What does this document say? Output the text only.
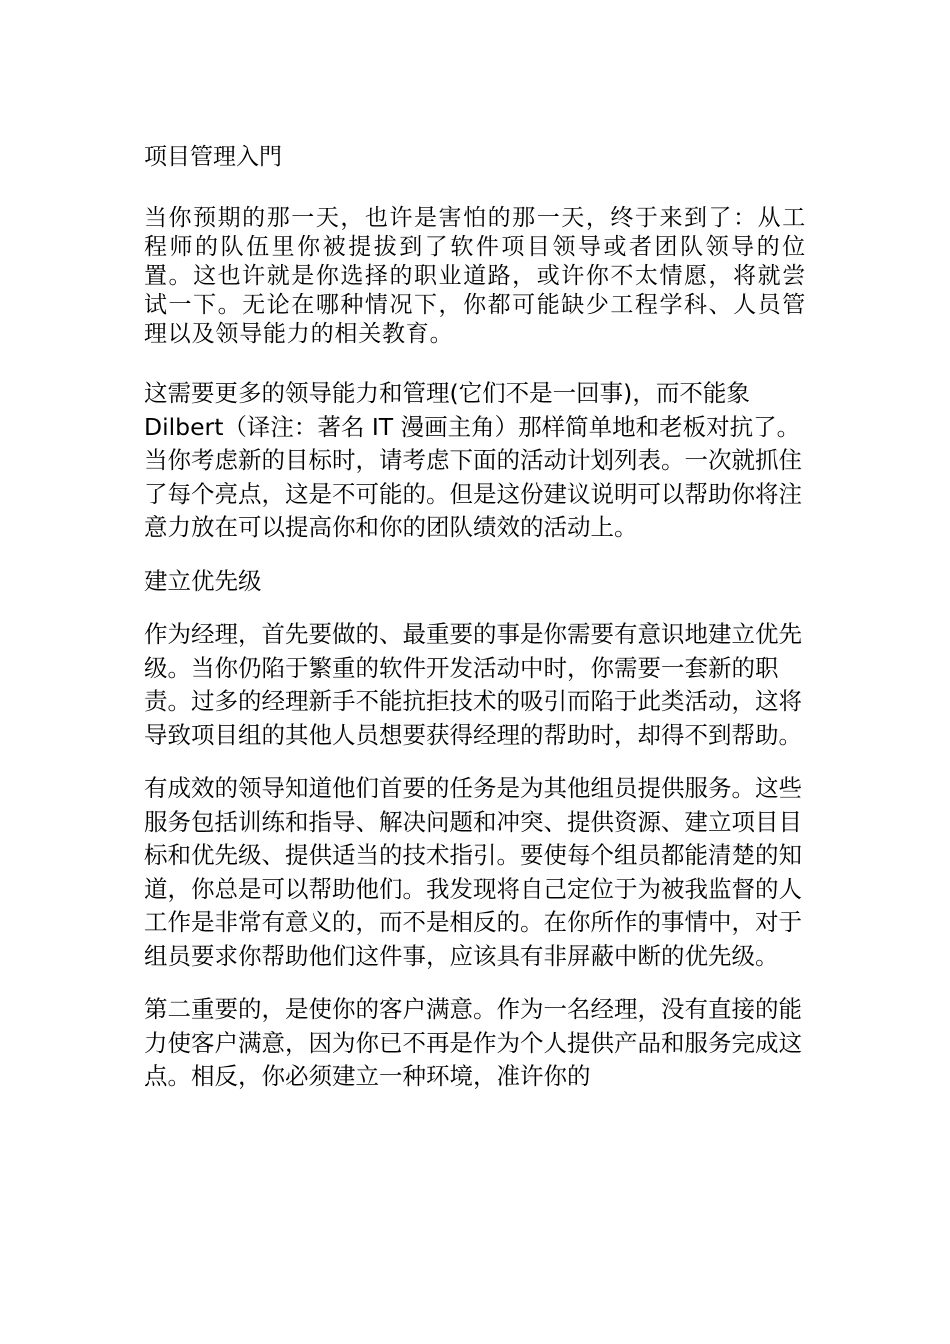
项目管理入門

当你预期的那一天，也许是害怕的那一天，终于来到了：从工程师的队伍里你被提拔到了软件项目领导或者团队领导的位置。这也许就是你选择的职业道路，或许你不太情愿，将就尝试一下。无论在哪种情况下，你都可能缺少工程学科、人员管理以及领导能力的相关教育。

这需要更多的领导能力和管理(它们不是一回事)，而不能象 Dilbert（译注：著名 IT 漫画主角）那样简单地和老板对抗了。当你考虑新的目标时，请考虑下面的活动计划列表。一次就抓住了每个亮点，这是不可能的。但是这份建议说明可以帮助你将注意力放在可以提高你和你的团队绩效的活动上。

建立优先级

作为经理，首先要做的、最重要的事是你需要有意识地建立优先级。当你仍陷于繁重的软件开发活动中时，你需要一套新的职责。过多的经理新手不能抗拒技术的吸引而陷于此类活动，这将导致项目组的其他人员想要获得经理的帮助时，却得不到帮助。

有成效的领导知道他们首要的任务是为其他组员提供服务。这些服务包括训练和指导、解决问题和冲突、提供资源、建立项目目标和优先级、提供适当的技术指引。要使每个组员都能清楚的知道，你总是可以帮助他们。我发现将自己定位于为被我监督的人工作是非常有意义的，而不是相反的。在你所作的事情中，对于组员要求你帮助他们这件事，应该具有非屏蔽中断的优先级。

第二重要的，是使你的客户满意。作为一名经理，没有直接的能力使客户满意，因为你已不再是作为个人提供产品和服务完成这点。相反，你必须建立一种环境，准许你的
